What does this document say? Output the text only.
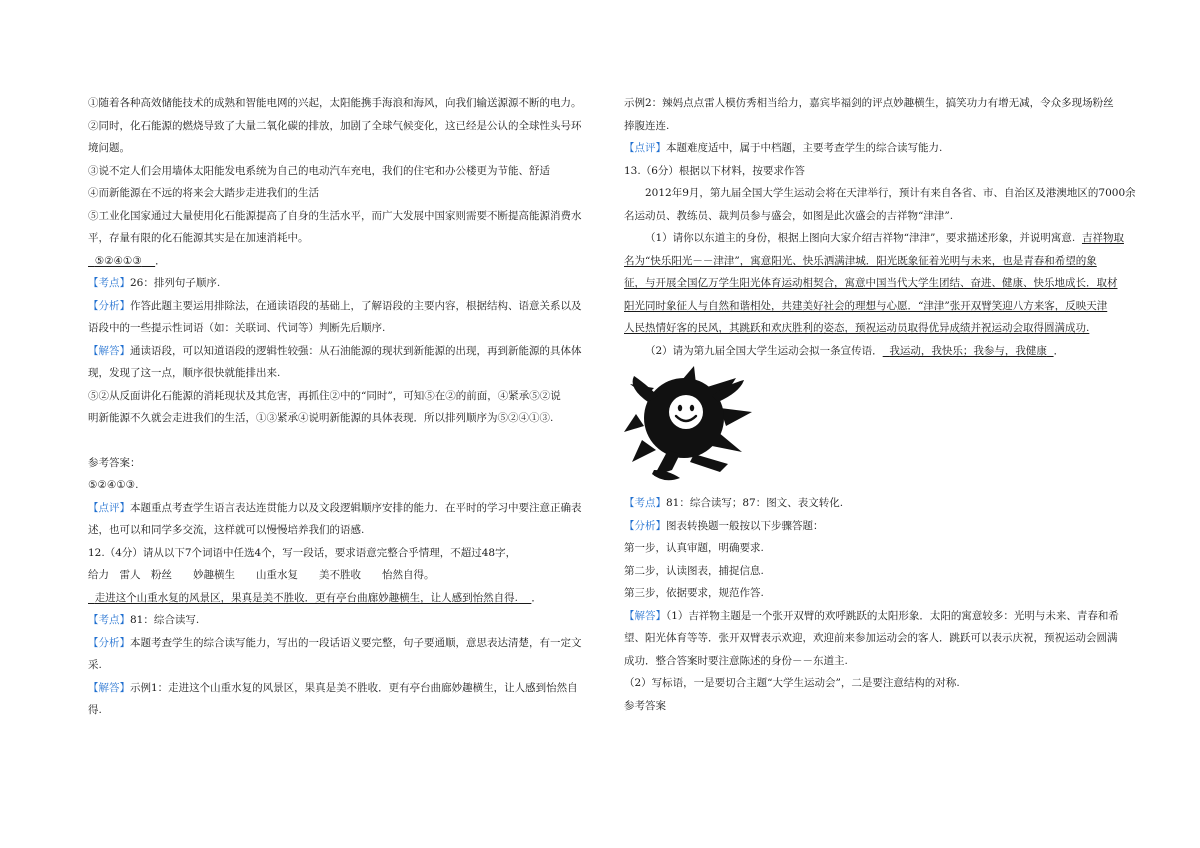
①随着各种高效储能技术的成熟和智能电网的兴起，太阳能携手海浪和海风，向我们输送源源不断的电力。
②同时，化石能源的燃烧导致了大量二氧化碳的排放，加剧了全球气候变化，这已经是公认的全球性头号环
境问题。
③说不定人们会用墙体太阳能发电系统为自己的电动汽车充电，我们的住宅和办公楼更为节能、舒适
④而新能源在不远的将来会大踏步走进我们的生活
⑤工业化国家通过大量使用化石能源提高了自身的生活水平，而广大发展中国家则需要不断提高能源消费水
平，存量有限的化石能源其实是在加速消耗中。
⑤②④①③ ．
【考点】26：排列句子顺序.
【分析】作答此题主要运用排除法，在通读语段的基础上，了解语段的主要内容，根据结构、语意关系以及
语段中的一些提示性词语（如：关联词、代词等）判断先后顺序.
【解答】通读语段，可以知道语段的逻辑性较强：从石油能源的现状到新能源的出现，再到新能源的具体体
现，发现了这一点，顺序很快就能排出来.
⑤②从反面讲化石能源的消耗现状及其危害，再抓住②中的“同时”，可知⑤在②的前面，④紧承⑤②说
明新能源不久就会走进我们的生活，①③紧承④说明新能源的具体表现．所以排列顺序为⑤②④①③.
参考答案：
⑤②④①③.
【点评】本题重点考查学生语言表达连贯能力以及文段逻辑顺序安排的能力．在平时的学习中要注意正确表
述，也可以和同学多交流，这样就可以慢慢培养我们的语感.
12.（4分）请从以下7个词语中任选4个，写一段话，要求语意完整合乎情理，不超过48字，
给力　雷人　粉丝　　妙趣横生　　山重水复　　美不胜收　　怡然自得。
走进这个山重水复的风景区，果真是美不胜收．更有亭台曲廊妙趣横生，让人感到怡然自得. ．
【考点】81：综合读写.
【分析】本题考查学生的综合读写能力，写出的一段话语义要完整，句子要通顺，意思表达清楚，有一定文
采.
【解答】示例1：走进这个山重水复的风景区，果真是美不胜收．更有亭台曲廊妙趣横生，让人感到怡然自
得.
示例2：辣妈点点雷人模仿秀相当给力，嘉宾毕福剑的评点妙趣横生，搞笑功力有增无减，令众多现场粉丝
捧腹连连.
【点评】本题难度适中，属于中档题，主要考查学生的综合读写能力.
13.（6分）根据以下材料，按要求作答
2012年9月，第九届全国大学生运动会将在天津举行，预计有来自各省、市、自治区及港澳地区的7000余
名运动员、教练员、裁判员参与盛会，如图是此次盛会的吉祥物“津津”.
（1）请你以东道主的身份，根据上图向大家介绍吉祥物“津津”，要求描述形象，并说明寓意. 吉祥物取
名为“快乐阳光－－津津”，寓意阳光、快乐洒满津城．阳光既象征着光明与未来，也是青春和希望的象
征，与开展全国亿万学生阳光体育运动相契合，寓意中国当代大学生团结、奋进、健康、快乐地成长．取材
阳光同时象征人与自然和谐相处，共建美好社会的理想与心愿．“津津”张开双臂笑迎八方来客，反映天津
人民热情好客的民风，其跳跃和欢庆胜利的姿态，预祝运动员取得优异成绩并祝运动会取得圆满成功.
（2）请为第九届全国大学生运动会拟一条宣传语． 我运动，我快乐；我参与，我健康 ．
【考点】81：综合读写；87：图文、表文转化.
【分析】图表转换题一般按以下步骤答题：
第一步，认真审题，明确要求.
第二步，认读图表，捕捉信息.
第三步，依据要求，规范作答.
【解答】（1）吉祥物主题是一个张开双臂的欢呼跳跃的太阳形象．太阳的寓意较多：光明与未来、青春和希
望、阳光体育等等．张开双臂表示欢迎，欢迎前来参加运动会的客人．跳跃可以表示庆祝，预祝运动会圆满
成功．整合答案时要注意陈述的身份－－东道主.
（2）写标语，一是要切合主题“大学生运动会”，二是要注意结构的对称.
参考答案
